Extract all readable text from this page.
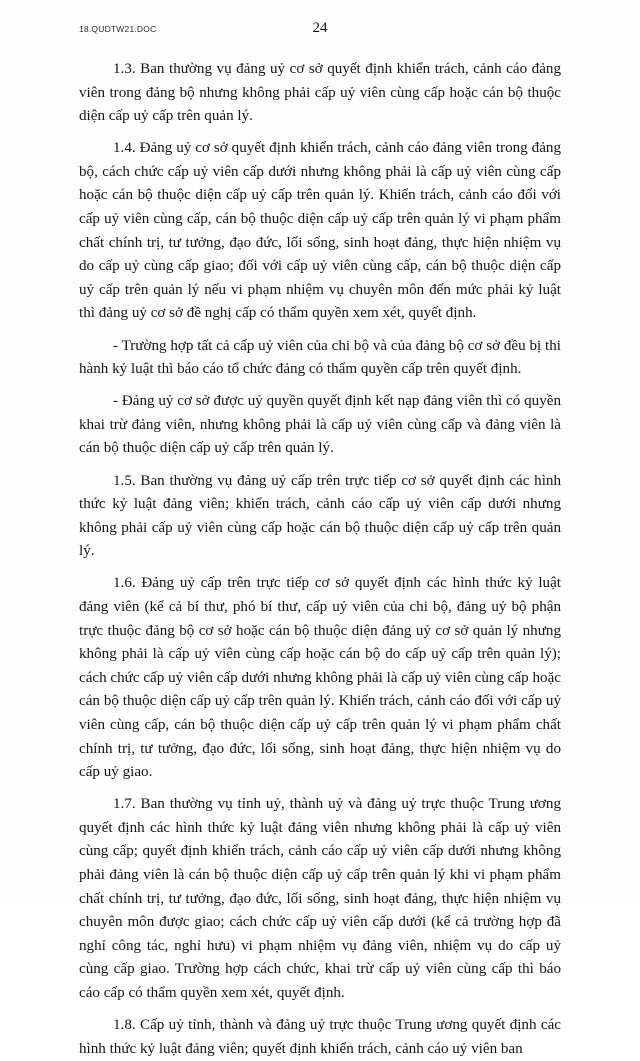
18.QUDTW21.DOC	24

1.3. Ban thường vụ đảng uỷ cơ sở quyết định khiển trách, cảnh cáo đảng viên trong đảng bộ nhưng không phải cấp uỷ viên cùng cấp hoặc cán bộ thuộc diện cấp uỷ cấp trên quản lý.

1.4. Đảng uỷ cơ sở quyết định khiển trách, cảnh cáo đảng viên trong đảng bộ, cách chức cấp uỷ viên cấp dưới nhưng không phải là cấp uỷ viên cùng cấp hoặc cán bộ thuộc diện cấp uỷ cấp trên quản lý. Khiển trách, cảnh cáo đối với cấp uỷ viên cùng cấp, cán bộ thuộc diện cấp uỷ cấp trên quản lý vi phạm phẩm chất chính trị, tư tưởng, đạo đức, lối sống, sinh hoạt đảng, thực hiện nhiệm vụ do cấp uỷ cùng cấp giao; đối với cấp uỷ viên cùng cấp, cán bộ thuộc diện cấp uỷ cấp trên quản lý nếu vi phạm nhiệm vụ chuyên môn đến mức phải kỷ luật thì đảng uỷ cơ sở đề nghị cấp có thẩm quyền xem xét, quyết định.

- Trường hợp tất cả cấp uỷ viên của chi bộ và của đảng bộ cơ sở đều bị thi hành kỷ luật thì báo cáo tổ chức đảng có thẩm quyền cấp trên quyết định.

- Đảng uỷ cơ sở được uỷ quyền quyết định kết nạp đảng viên thì có quyền khai trừ đảng viên, nhưng không phải là cấp uỷ viên cùng cấp và đảng viên là cán bộ thuộc diện cấp uỷ cấp trên quản lý.

1.5. Ban thường vụ đảng uỷ cấp trên trực tiếp cơ sở quyết định các hình thức kỷ luật đảng viên; khiển trách, cảnh cáo cấp uỷ viên cấp dưới nhưng không phải cấp uỷ viên cùng cấp hoặc cán bộ thuộc diện cấp uỷ cấp trên quản lý.

1.6. Đảng uỷ cấp trên trực tiếp cơ sở quyết định các hình thức kỷ luật đảng viên (kể cả bí thư, phó bí thư, cấp uỷ viên của chi bộ, đảng uỷ bộ phận trực thuộc đảng bộ cơ sở hoặc cán bộ thuộc diện đảng uỷ cơ sở quản lý nhưng không phải là cấp uỷ viên cùng cấp hoặc cán bộ do cấp uỷ cấp trên quản lý); cách chức cấp uỷ viên cấp dưới nhưng không phải là cấp uỷ viên cùng cấp hoặc cán bộ thuộc diện cấp uỷ cấp trên quản lý. Khiển trách, cảnh cáo đối với cấp uỷ viên cùng cấp, cán bộ thuộc diện cấp uỷ cấp trên quản lý vi phạm phẩm chất chính trị, tư tưởng, đạo đức, lối sống, sinh hoạt đảng, thực hiện nhiệm vụ do cấp uỷ giao.

1.7. Ban thường vụ tỉnh uỷ, thành uỷ và đảng uỷ trực thuộc Trung ương quyết định các hình thức kỷ luật đảng viên nhưng không phải là cấp uỷ viên cùng cấp; quyết định khiển trách, cảnh cáo cấp uỷ viên cấp dưới nhưng không phải đảng viên là cán bộ thuộc diện cấp uỷ cấp trên quản lý khi vi phạm phẩm chất chính trị, tư tưởng, đạo đức, lối sống, sinh hoạt đảng, thực hiện nhiệm vụ chuyên môn được giao; cách chức cấp uỷ viên cấp dưới (kể cả trường hợp đã nghỉ công tác, nghỉ hưu) vi phạm nhiệm vụ đảng viên, nhiệm vụ do cấp uỷ cùng cấp giao. Trường hợp cách chức, khai trừ cấp uỷ viên cùng cấp thì báo cáo cấp có thẩm quyền xem xét, quyết định.

1.8. Cấp uỷ tỉnh, thành và đảng uỷ trực thuộc Trung ương quyết định các hình thức kỷ luật đảng viên; quyết định khiển trách, cảnh cáo uỷ viên ban
